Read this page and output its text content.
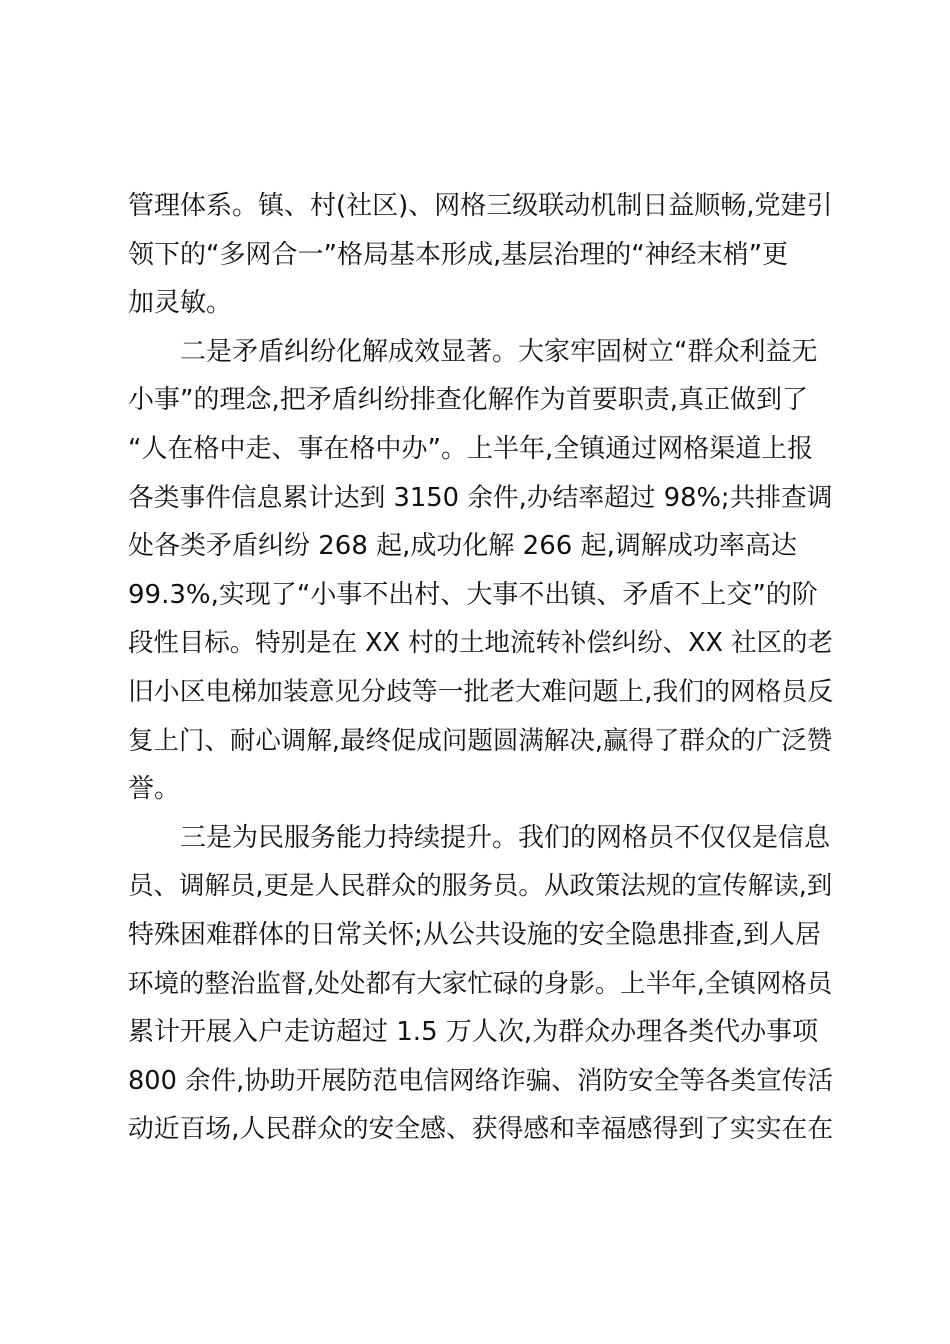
管理体系。镇、村(社区)、网格三级联动机制日益顺畅,党建引
领下的“多网合一”格局基本形成,基层治理的“神经末梢”更
加灵敏。

二是矛盾纠纷化解成效显著。大家牢固树立“群众利益无
小事”的理念,把矛盾纠纷排查化解作为首要职责,真正做到了
“人在格中走、事在格中办”。上半年,全镇通过网格渠道上报
各类事件信息累计达到 3150 余件,办结率超过 98%;共排查调
处各类矛盾纠纷 268 起,成功化解 266 起,调解成功率高达
99.3%,实现了“小事不出村、大事不出镇、矛盾不上交”的阶
段性目标。特别是在 XX 村的土地流转补偿纠纷、XX 社区的老
旧小区电梯加装意见分歧等一批老大难问题上,我们的网格员反
复上门、耐心调解,最终促成问题圆满解决,赢得了群众的广泛赞
誉。

三是为民服务能力持续提升。我们的网格员不仅仅是信息
员、调解员,更是人民群众的服务员。从政策法规的宣传解读,到
特殊困难群体的日常关怀;从公共设施的安全隐患排查,到人居
环境的整治监督,处处都有大家忙碌的身影。上半年,全镇网格员
累计开展入户走访超过 1.5 万人次,为群众办理各类代办事项
800 余件,协助开展防范电信网络诈骗、消防安全等各类宣传活
动近百场,人民群众的安全感、获得感和幸福感得到了实实在在
